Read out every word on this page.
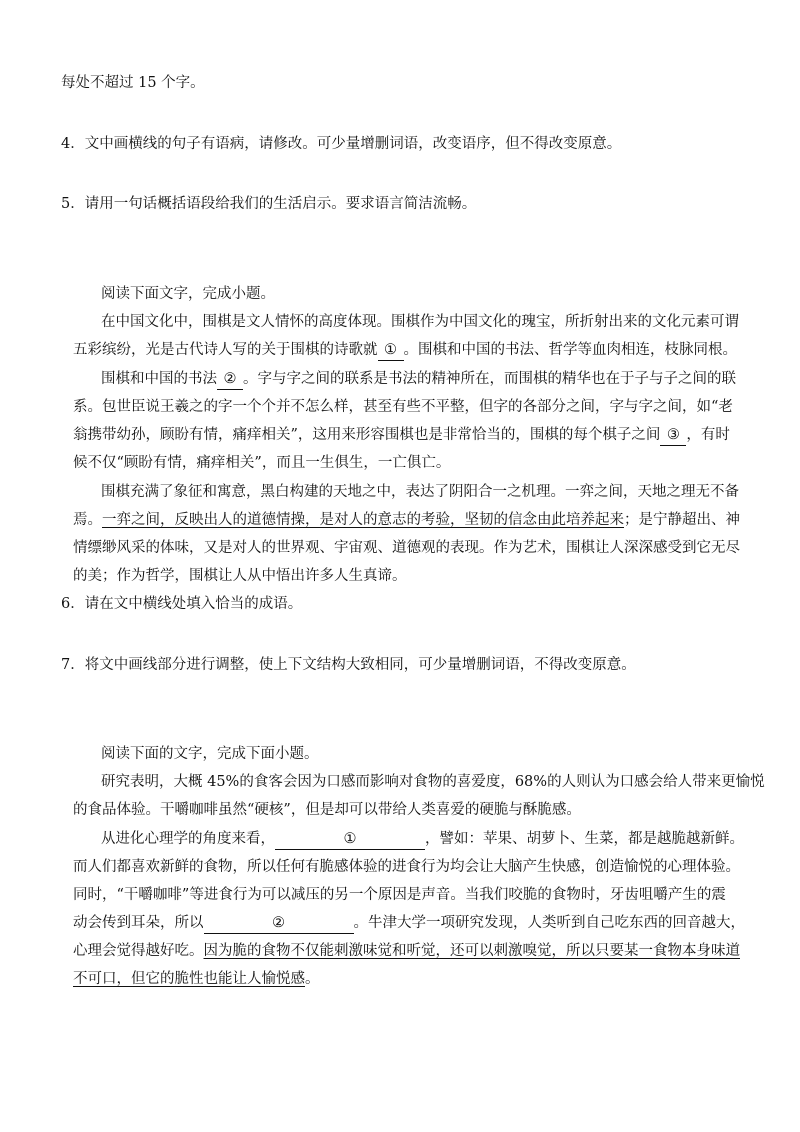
每处不超过 15 个字。
4．文中画横线的句子有语病，请修改。可少量增删词语，改变语序，但不得改变原意。
5．请用一句话概括语段给我们的生活启示。要求语言简洁流畅。
阅读下面文字，完成小题。
在中国文化中，围棋是文人情怀的高度体现。围棋作为中国文化的瑰宝，所折射出来的文化元素可谓
五彩缤纷，光是古代诗人写的关于围棋的诗歌就 ① 。围棋和中国的书法、哲学等血肉相连，枝脉同根。
围棋和中国的书法 ② 。字与字之间的联系是书法的精神所在，而围棋的精华也在于子与子之间的联
系。包世臣说王羲之的字一个个并不怎么样，甚至有些不平整，但字的各部分之间，字与字之间，如“老
翁携带幼孙，顾盼有情，痛痒相关”，这用来形容围棋也是非常恰当的，围棋的每个棋子之间 ③ ，有时
候不仅“顾盼有情，痛痒相关”，而且一生俱生，一亡俱亡。
围棋充满了象征和寓意，黑白构建的天地之中，表达了阴阳合一之机理。一弈之间，天地之理无不备
焉。一弈之间，反映出人的道德情操，是对人的意志的考验，坚韧的信念由此培养起来；是宁静超出、神
情缥缈风采的体味，又是对人的世界观、宇宙观、道德观的表现。作为艺术，围棋让人深深感受到它无尽
的美；作为哲学，围棋让人从中悟出许多人生真谛。
6．请在文中横线处填入恰当的成语。
7．将文中画线部分进行调整，使上下文结构大致相同，可少量增删词语，不得改变原意。
阅读下面的文字，完成下面小题。
研究表明，大概 45%的食客会因为口感而影响对食物的喜爱度，68%的人则认为口感会给人带来更愉悦
的食品体验。干嚼咖啡虽然“硬核”，但是却可以带给人类喜爱的硬脆与酥脆感。
从进化心理学的角度来看，	①	，譬如：苹果、胡萝卜、生菜，都是越脆越新鲜。
而人们都喜欢新鲜的食物，所以任何有脆感体验的进食行为均会让大脑产生快感，创造愉悦的心理体验。
同时，“干嚼咖啡”等进食行为可以减压的另一个原因是声音。当我们咬脆的食物时，牙齿咀嚼产生的震
动会传到耳朵，所以	②	。牛津大学一项研究发现，人类听到自己吃东西的回音越大，
心理会觉得越好吃。因为脆的食物不仅能刺激味觉和听觉，还可以刺激嗅觉，所以只要某一食物本身味道
不可口，但它的脆性也能让人愉悦感。
